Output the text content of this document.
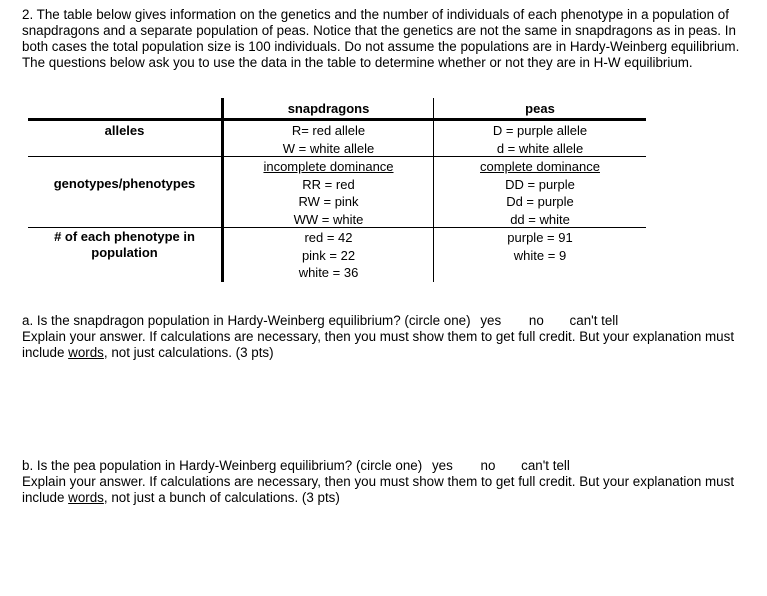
2. The table below gives information on the genetics and the number of individuals of each phenotype in a population of snapdragons and a separate population of peas. Notice that the genetics are not the same in snapdragons as in peas. In both cases the total population size is 100 individuals. Do not assume the populations are in Hardy-Weinberg equilibrium. The questions below ask you to use the data in the table to determine whether or not they are in H-W equilibrium.

snapdragons	peas
alleles	R= red allele
W = white allele
D = purple allele
d = white allele
genotypes/phenotypes
incomplete dominance
RR = red
RW = pink
WW = white
complete dominance
DD = purple
Dd = purple
dd = white
# of each phenotype in population
red = 42
pink = 22
white = 36
purple = 91
white = 9
a. Is the snapdragon population in Hardy-Weinberg equilibrium? (circle one) yes no can't tell
Explain your answer. If calculations are necessary, then you must show them to get full credit. But your explanation must include words, not just calculations. (3 pts)
b. Is the pea population in Hardy-Weinberg equilibrium? (circle one) yes no can't tell
Explain your answer. If calculations are necessary, then you must show them to get full credit. But your explanation must include words, not just a bunch of calculations. (3 pts)
